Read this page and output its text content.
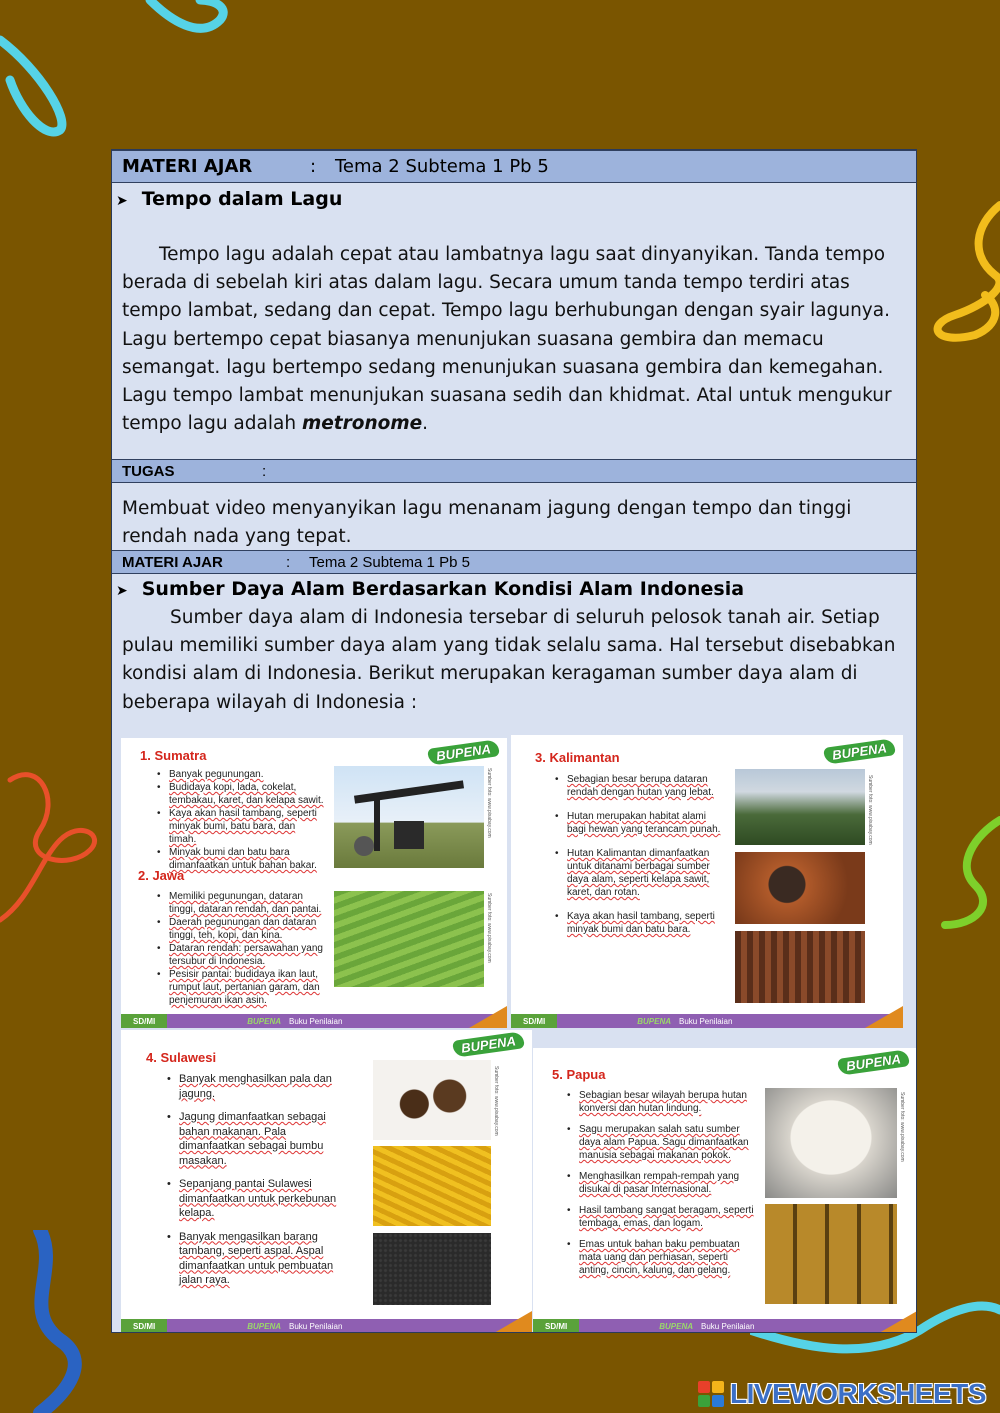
MATERI AJAR	:	Tema 2 Subtema 1 Pb 5
➤ Tempo dalam Lagu
Tempo lagu adalah cepat atau lambatnya lagu saat dinyanyikan. Tanda tempo berada di sebelah kiri atas dalam lagu. Secara umum tanda tempo terdiri atas tempo lambat, sedang dan cepat. Tempo lagu berhubungan dengan syair lagunya. Lagu bertempo cepat biasanya menunjukan suasana gembira dan memacu semangat. lagu bertempo sedang menunjukan suasana gembira dan kemegahan. Lagu tempo lambat menunjukan suasana sedih dan khidmat. Atal untuk mengukur tempo lagu adalah metronome.
TUGAS	:
Membuat video menyanyikan lagu menanam jagung dengan tempo dan tinggi rendah nada yang tepat.
MATERI AJAR	:	Tema 2 Subtema 1 Pb 5
➤ Sumber Daya Alam Berdasarkan Kondisi Alam Indonesia
Sumber daya alam di Indonesia tersebar di seluruh pelosok tanah air. Setiap pulau memiliki sumber daya alam yang tidak selalu sama. Hal tersebut disebabkan kondisi alam di Indonesia. Berikut merupakan keragaman sumber daya alam di beberapa wilayah di Indonesia :
BUPENA
1. Sumatra
• Banyak pegunungan.
• Budidaya kopi, lada, cokelat, tembakau, karet, dan kelapa sawit.
• Kaya akan hasil tambang, seperti minyak bumi, batu bara, dan timah.
• Minyak bumi dan batu bara dimanfaatkan untuk bahan bakar.
Sumber foto: www.pixabay.com
2. Jawa
• Memiliki pegunungan, dataran tinggi, dataran rendah, dan pantai.
• Daerah pegunungan dan dataran tinggi, teh, kopi, dan kina.
• Dataran rendah: persawahan yang tersubur di Indonesia.
• Pesisir pantai: budidaya ikan laut, rumput laut, pertanian garam, dan penjemuran ikan asin.
Sumber foto: www.pixabay.com
SD/MI	BUPENA Buku Penilaian
BUPENA
3. Kalimantan
• Sebagian besar berupa dataran rendah dengan hutan yang lebat.
• Hutan merupakan habitat alami bagi hewan yang terancam punah.
• Hutan Kalimantan dimanfaatkan untuk ditanami berbagai sumber daya alam, seperti kelapa sawit, karet, dan rotan.
• Kaya akan hasil tambang, seperti minyak bumi dan batu bara.
Sumber foto: www.pixabay.com
SD/MI	BUPENA Buku Penilaian
BUPENA
4. Sulawesi
• Banyak menghasilkan pala dan jagung.
• Jagung dimanfaatkan sebagai bahan makanan. Pala dimanfaatkan sebagai bumbu masakan.
• Sepanjang pantai Sulawesi dimanfaatkan untuk perkebunan kelapa.
• Banyak mengasilkan barang tambang, seperti aspal. Aspal dimanfaatkan untuk pembuatan jalan raya.
Sumber foto: www.pixabay.com
SD/MI	BUPENA Buku Penilaian
BUPENA
5. Papua
• Sebagian besar wilayah berupa hutan konversi dan hutan lindung.
• Sagu merupakan salah satu sumber daya alam Papua. Sagu dimanfaatkan manusia sebagai makanan pokok.
• Menghasilkan rempah-rempah yang disukai di pasar Internasional.
• Hasil tambang sangat beragam, seperti tembaga, emas, dan logam.
• Emas untuk bahan baku pembuatan mata uang dan perhiasan, seperti anting, cincin, kalung, dan gelang.
Sumber foto: www.pixabay.com
SD/MI	BUPENA Buku Penilaian
LIVEWORKSHEETS
